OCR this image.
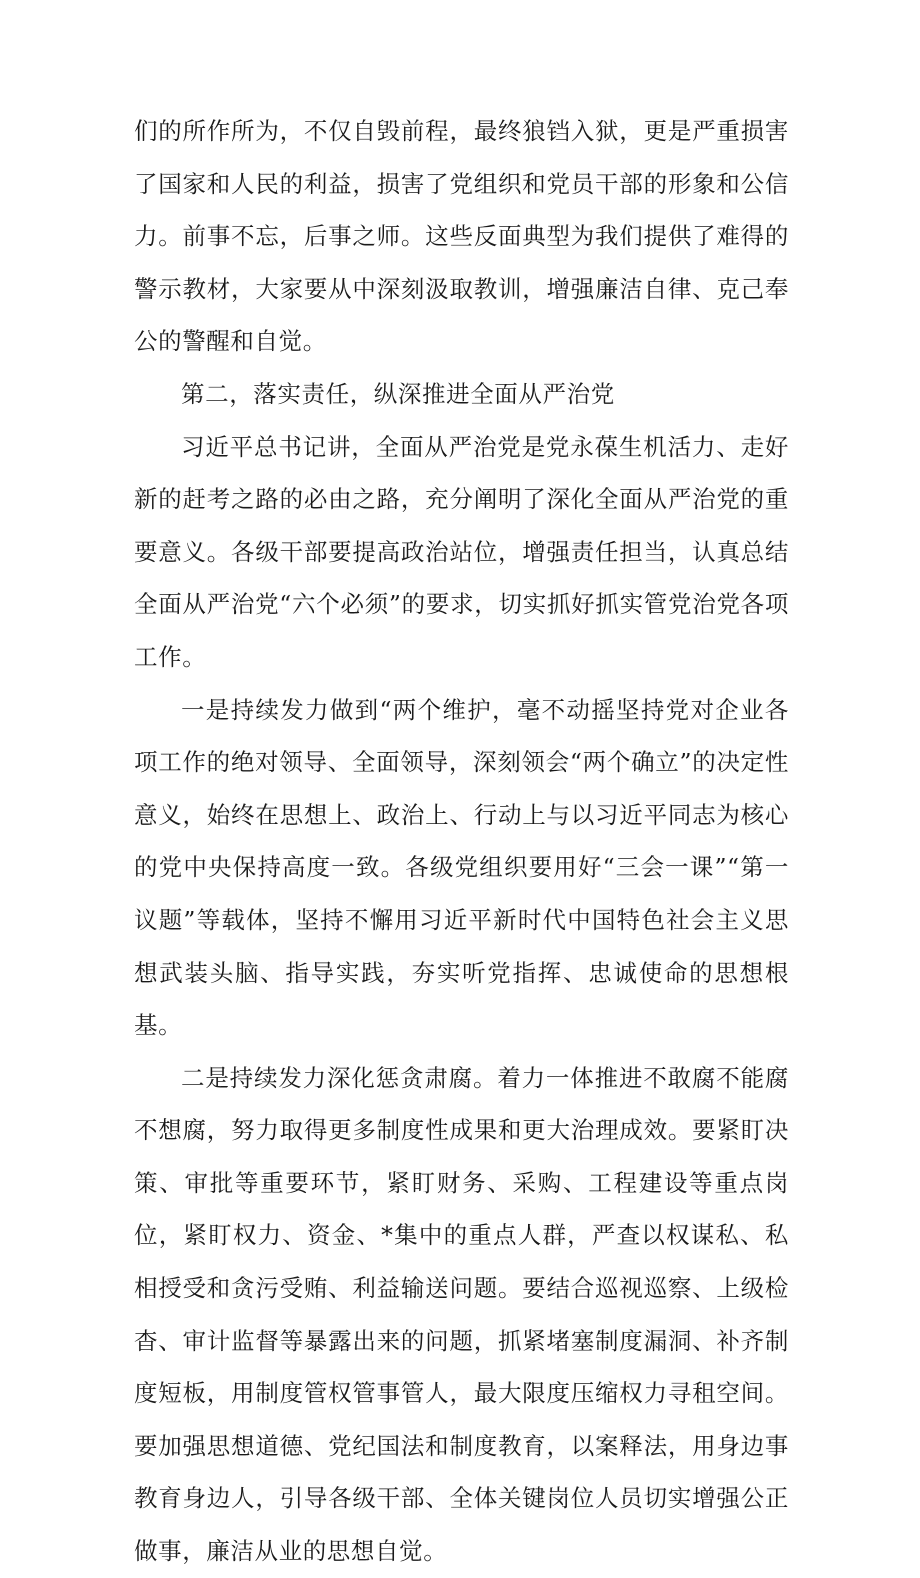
们的所作所为，不仅自毁前程，最终狼铛入狱，更是严重损害了国家和人民的利益，损害了党组织和党员干部的形象和公信力。前事不忘，后事之师。这些反面典型为我们提供了难得的警示教材，大家要从中深刻汲取教训，增强廉洁自律、克己奉公的警醒和自觉。

第二，落实责任，纵深推进全面从严治党

习近平总书记讲，全面从严治党是党永葆生机活力、走好新的赶考之路的必由之路，充分阐明了深化全面从严治党的重要意义。各级干部要提高政治站位，增强责任担当，认真总结全面从严治党“六个必须”的要求，切实抓好抓实管党治党各项工作。

一是持续发力做到“两个维护，毫不动摇坚持党对企业各项工作的绝对领导、全面领导，深刻领会“两个确立”的决定性意义，始终在思想上、政治上、行动上与以习近平同志为核心的党中央保持高度一致。各级党组织要用好“三会一课”“第一议题”等载体，坚持不懈用习近平新时代中国特色社会主义思想武装头脑、指导实践，夯实听党指挥、忠诚使命的思想根基。

二是持续发力深化惩贪肃腐。着力一体推进不敢腐不能腐不想腐，努力取得更多制度性成果和更大治理成效。要紧盯决策、审批等重要环节，紧盯财务、采购、工程建设等重点岗位，紧盯权力、资金、*集中的重点人群，严查以权谋私、私相授受和贪污受贿、利益输送问题。要结合巡视巡察、上级检杳、审计监督等暴露出来的问题，抓紧堵塞制度漏洞、补齐制度短板，用制度管权管事管人，最大限度压缩权力寻租空间。要加强思想道德、党纪国法和制度教育，以案释法，用身边事教育身边人，引导各级干部、全体关键岗位人员切实增强公正做事，廉洁从业的思想自觉。
